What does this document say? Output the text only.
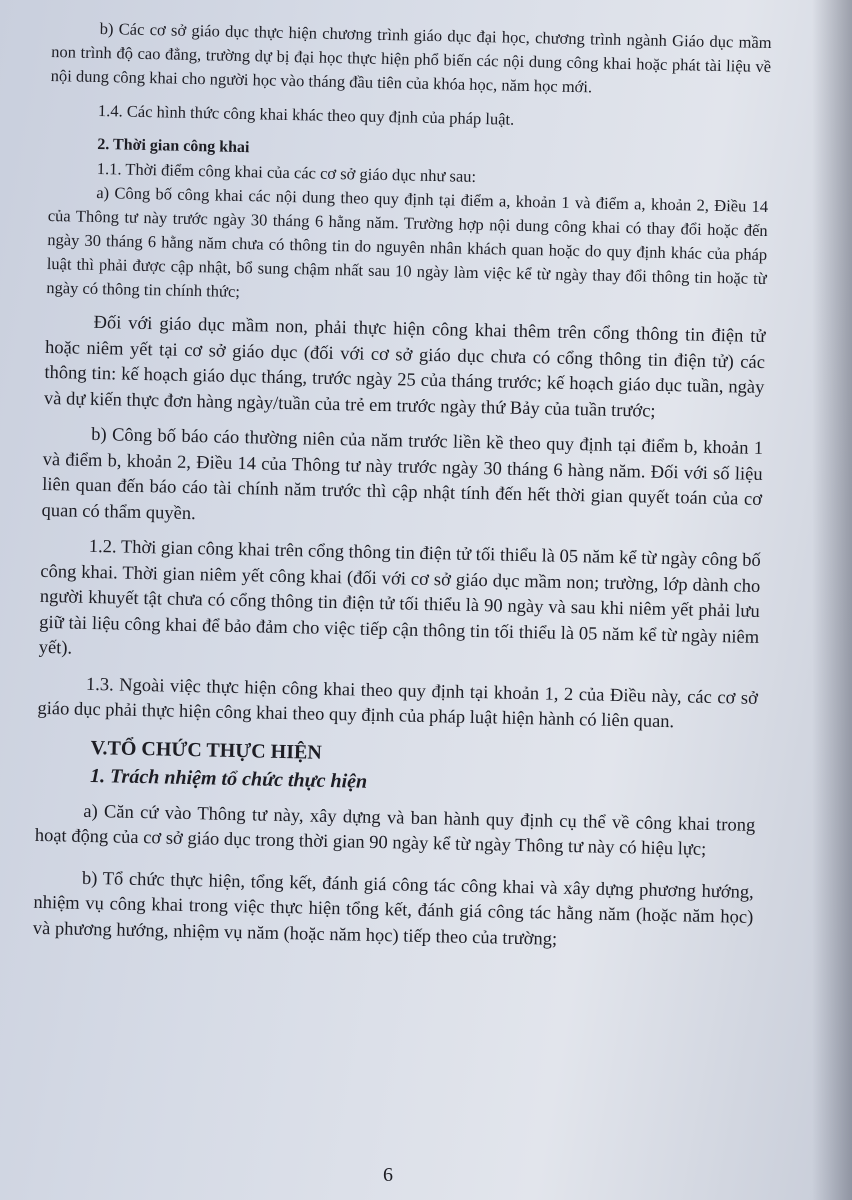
b) Các cơ sở giáo dục thực hiện chương trình giáo dục đại học, chương trình ngành Giáo dục mầm non trình độ cao đẳng, trường dự bị đại học thực hiện phổ biến các nội dung công khai hoặc phát tài liệu về nội dung công khai cho người học vào tháng đầu tiên của khóa học, năm học mới.

1.4. Các hình thức công khai khác theo quy định của pháp luật.

2. Thời gian công khai

1.1. Thời điểm công khai của các cơ sở giáo dục như sau:

a) Công bố công khai các nội dung theo quy định tại điểm a, khoản 1 và điểm a, khoản 2, Điều 14 của Thông tư này trước ngày 30 tháng 6 hằng năm. Trường hợp nội dung công khai có thay đổi hoặc đến ngày 30 tháng 6 hằng năm chưa có thông tin do nguyên nhân khách quan hoặc do quy định khác của pháp luật thì phải được cập nhật, bổ sung chậm nhất sau 10 ngày làm việc kể từ ngày thay đổi thông tin hoặc từ ngày có thông tin chính thức;

Đối với giáo dục mầm non, phải thực hiện công khai thêm trên cổng thông tin điện tử hoặc niêm yết tại cơ sở giáo dục (đối với cơ sở giáo dục chưa có cổng thông tin điện tử) các thông tin: kế hoạch giáo dục tháng, trước ngày 25 của tháng trước; kế hoạch giáo dục tuần, ngày và dự kiến thực đơn hàng ngày/tuần của trẻ em trước ngày thứ Bảy của tuần trước;

b) Công bố báo cáo thường niên của năm trước liền kề theo quy định tại điểm b, khoản 1 và điểm b, khoản 2, Điều 14 của Thông tư này trước ngày 30 tháng 6 hàng năm. Đối với số liệu liên quan đến báo cáo tài chính năm trước thì cập nhật tính đến hết thời gian quyết toán của cơ quan có thẩm quyền.

1.2. Thời gian công khai trên cổng thông tin điện tử tối thiểu là 05 năm kể từ ngày công bố công khai. Thời gian niêm yết công khai (đối với cơ sở giáo dục mầm non; trường, lớp dành cho người khuyết tật chưa có cổng thông tin điện tử tối thiểu là 90 ngày và sau khi niêm yết phải lưu giữ tài liệu công khai để bảo đảm cho việc tiếp cận thông tin tối thiểu là 05 năm kể từ ngày niêm yết).

1.3. Ngoài việc thực hiện công khai theo quy định tại khoản 1, 2 của Điều này, các cơ sở giáo dục phải thực hiện công khai theo quy định của pháp luật hiện hành có liên quan.

V.TỔ CHỨC THỰC HIỆN

1. Trách nhiệm tổ chức thực hiện

a) Căn cứ vào Thông tư này, xây dựng và ban hành quy định cụ thể về công khai trong hoạt động của cơ sở giáo dục trong thời gian 90 ngày kể từ ngày Thông tư này có hiệu lực;

b) Tổ chức thực hiện, tổng kết, đánh giá công tác công khai và xây dựng phương hướng, nhiệm vụ công khai trong việc thực hiện tổng kết, đánh giá công tác hằng năm (hoặc năm học) và phương hướng, nhiệm vụ năm (hoặc năm học) tiếp theo của trường;

6
